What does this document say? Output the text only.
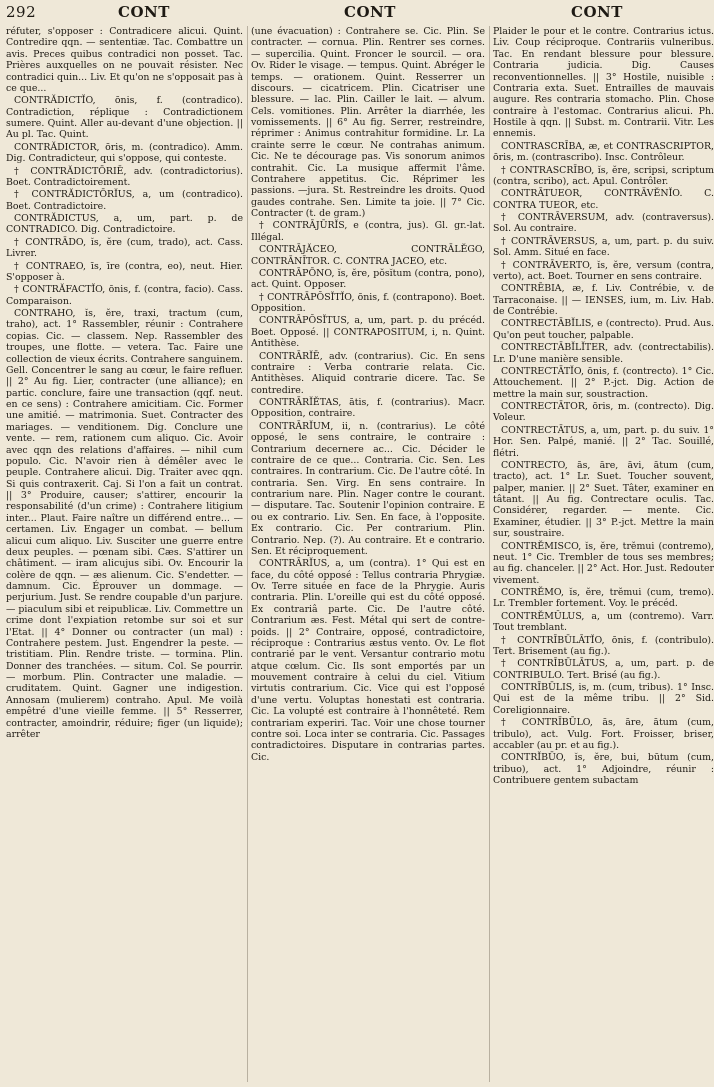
292	CONT	CONT	CONT

réfuter, s'opposer : Contradicere alicui. Quint. Contredire qqn. — sententiæ. Tac. Combattre un avis. Preces quibus contradici non posset. Tac. Prières auxquelles on ne pouvait résister. Nec contradici quin... Liv. Et qu'on ne s'opposait pas à ce que...

CONTRĂDICTĬO, ōnis, f. (contradico). Contradiction, réplique : Contradictionem sumere. Quint. Aller au-devant d'une objection. || Au pl. Tac. Quint.

CONTRĂDICTOR, ōris, m. (contradico). Amm. Dig. Contradicteur, qui s'oppose, qui conteste.

† CONTRĂDICTŌRIĒ, adv. (contradictorius). Boet. Contradictoirement.

† CONTRĂDICTŌRĬUS, a, um (contradico). Boet. Contradictoire.

CONTRĂDICTUS, a, um, part. p. de CONTRADICO. Dig. Contradictoire.

† CONTRĀDO, ĭs, ĕre (cum, trado), act. Cass. Livrer.

† CONTRAEO, īs, īre (contra, eo), neut. Hier. S'opposer à.

† CONTRĂFACTĬO, ōnis, f. (contra, facio). Cass. Comparaison.

CONTRAHO, ĭs, ĕre, traxi, tractum (cum, traho), act. 1° Rassembler, réunir : Contrahere copias. Cic. — classem. Nep. Rassembler des troupes, une flotte. — vetera. Tac. Faire une collection de vieux écrits. Contrahere sanguinem. Gell. Concentrer le sang au cœur, le faire refluer. || 2° Au fig. Lier, contracter (une alliance); en partic. conclure, faire une transaction (qqf. neut. en ce sens) : Contrahere amicitiam. Cic. Former une amitié. — matrimonia. Suet. Contracter des mariages. — venditionem. Dig. Conclure une vente. — rem, rationem cum aliquo. Cic. Avoir avec qqn des relations d'affaires. — nihil cum populo. Cic. N'avoir rien à démêler avec le peuple. Contrahere alicui. Dig. Traiter avec qqn. Si quis contraxerit. Caj. Si l'on a fait un contrat. || 3° Produire, causer; s'attirer, encourir la responsabilité (d'un crime) : Contrahere litigium inter... Plaut. Faire naître un différend entre... — certamen. Liv. Engager un combat. — bellum alicui cum aliquo. Liv. Susciter une guerre entre deux peuples. — pœnam sibi. Cæs. S'attirer un châtiment. — iram alicujus sibi. Ov. Encourir la colère de qqn. — æs alienum. Cic. S'endetter. — damnum. Cic. Éprouver un dommage. — perjurium. Just. Se rendre coupable d'un parjure. — piaculum sibi et reipublicæ. Liv. Commettre un crime dont l'expiation retombe sur soi et sur l'Etat. || 4° Donner ou contracter (un mal) : Contrahere pestem. Just. Engendrer la peste. — tristitiam. Plin. Rendre triste. — tormina. Plin. Donner des tranchées. — situm. Col. Se pourrir. — morbum. Plin. Contracter une maladie. — cruditatem. Quint. Gagner une indigestion. Annosam (mulierem) contraho. Apul. Me voilà empêtré d'une vieille femme. || 5° Resserrer, contracter, amoindrir, réduire; figer (un liquide); arrêter

(une évacuation) : Contrahere se. Cic. Plin. Se contracter. — cornua. Plin. Rentrer ses cornes. — supercilia. Quint. Froncer le sourcil. — ora. Ov. Rider le visage. — tempus. Quint. Abréger le temps. — orationem. Quint. Resserrer un discours. — cicatricem. Plin. Cicatriser une blessure. — lac. Plin. Cailler le lait. — alvum. Cels. vomitiones. Plin. Arrêter la diarrhée, les vomissements. || 6° Au fig. Serrer, restreindre, réprimer : Animus contrahitur formidine. Lr. La crainte serre le cœur. Ne contrahas animum. Cic. Ne te décourage pas. Vis sonorum animos contrahit. Cic. La musique affermit l'âme. Contrahere appetitus. Cic. Réprimer les passions. —jura. St. Restreindre les droits. Quod gaudes contrahe. Sen. Limite ta joie. || 7° Cic. Contracter (t. de gram.)

† CONTRĀJŪRĬS, e (contra, jus). Gl. gr.-lat. Illégal.

CONTRĀJĂCEO, CONTRĀLĔGO, CONTRĀNĪTOR. C. CONTRA JACEO, etc.

CONTRĀPŌNO, ĭs, ĕre, pŏsĭtum (contra, pono), act. Quint. Opposer.

† CONTRĀPŎSĬTĬO, ōnis, f. (contrapono). Boet. Opposition.

CONTRĀPŎSĬTUS, a, um, part. p. du précéd. Boet. Opposé. || CONTRAPOSITUM, i, n. Quint. Antithèse.

CONTRĀRĬĒ, adv. (contrarius). Cic. En sens contraire : Verba contrarie relata. Cic. Antithèses. Aliquid contrarie dicere. Tac. Se contredire.

CONTRĀRĬĔTAS, ātis, f. (contrarius). Macr. Opposition, contraire.

CONTRĀRĬUM, ii, n. (contrarius). Le côté opposé, le sens contraire, le contraire : Contrarium decernere ac... Cic. Décider le contraire de ce que... Contraria. Cic. Sen. Les contraires. In contrarium. Cic. De l'autre côté. In contraria. Sen. Virg. En sens contraire. In contrarium nare. Plin. Nager contre le courant. — disputare. Tac. Soutenir l'opinion contraire. E ou ex contrario. Liv. Sen. En face, à l'opposite. Ex contrario. Cic. Per contrarium. Plin. Contrario. Nep. (?). Au contraire. Et e contrario. Sen. Et réciproquement.

CONTRĀRĬUS, a, um (contra). 1° Qui est en face, du côté opposé : Tellus contraria Phrygiæ. Ov. Terre située en face de la Phrygie. Auris contraria. Plin. L'oreille qui est du côté opposé. Ex contrariâ parte. Cic. De l'autre côté. Contrarium æs. Fest. Métal qui sert de contre-poids. || 2° Contraire, opposé, contradictoire, réciproque : Contrarius æstus vento. Ov. Le flot contrarié par le vent. Versantur contrario motu atque cœlum. Cic. Ils sont emportés par un mouvement contraire à celui du ciel. Vitium virtutis contrarium. Cic. Vice qui est l'opposé d'une vertu. Voluptas honestati est contraria. Cic. La volupté est contraire à l'honnêteté. Rem contrariam experiri. Tac. Voir une chose tourner contre soi. Loca inter se contraria. Cic. Passages contradictoires. Disputare in contrarias partes. Cic.

Plaider le pour et le contre. Contrarius ictus. Liv. Coup réciproque. Contrariis vulneribus. Tac. En rendant blessure pour blessure. Contraria judicia. Dig. Causes reconventionnelles. || 3° Hostile, nuisible : Contraria exta. Suet. Entrailles de mauvais augure. Res contraria stomacho. Plin. Chose contraire à l'estomac. Contrarius alicui. Ph. Hostile à qqn. || Subst. m. Contrarii. Vitr. Les ennemis.

CONTRASCRĪBA, æ, et CONTRASCRIPTOR, ōris, m. (contrascribo). Insc. Contrôleur.

† CONTRASCRĪBO, ĭs, ĕre, scripsi, scriptum (contra, scribo), act. Apul. Contrôler.

CONTRĀTUEOR, CONTRĀVĔNĬO. C. CONTRA TUEOR, etc.

† CONTRĀVERSUM, adv. (contraversus). Sol. Au contraire.

† CONTRĀVERSUS, a, um, part. p. du suiv. Sol. Amm. Situé en face.

† CONTRĀVERTO, ĭs, ĕre, versum (contra, verto), act. Boet. Tourner en sens contraire.

CONTRĒBIA, æ, f. Liv. Contrébie, v. de Tarraconaise. || — IENSES, ium, m. Liv. Hab. de Contrébie.

CONTRECTĀBĬLIS, e (contrecto). Prud. Aus. Qu'on peut toucher, palpable.

CONTRECTĀBĬLĬTER, adv. (contrectabilis). Lr. D'une manière sensible.

CONTRECTĀTĬO, ōnis, f. (contrecto). 1° Cic. Attouchement. || 2° P.-jct. Dig. Action de mettre la main sur, soustraction.

CONTRECTĀTOR, ōris, m. (contrecto). Dig. Voleur.

CONTRECTĀTUS, a, um, part. p. du suiv. 1° Hor. Sen. Palpé, manié. || 2° Tac. Souillé, flétri.

CONTRECTO, ās, āre, āvi, ātum (cum, tracto), act. 1° Lr. Suet. Toucher souvent, palper, manier. || 2° Suet. Tâter, examiner en tâtant. || Au fig. Contrectare oculis. Tac. Considérer, regarder. — mente. Cic. Examiner, étudier. || 3° P.-jct. Mettre la main sur, soustraire.

CONTRĔMISCO, ĭs, ĕre, trĕmui (contremo), neut. 1° Cic. Trembler de tous ses membres; au fig. chanceler. || 2° Act. Hor. Just. Redouter vivement.

CONTRĔMO, ĭs, ĕre, trĕmui (cum, tremo). Lr. Trembler fortement. Voy. le précéd.

CONTRĔMŬLUS, a, um (contremo). Varr. Tout tremblant.

† CONTRĪBŪLĀTĬO, ōnis, f. (contribulo). Tert. Brisement (au fig.).

† CONTRĪBŪLĀTUS, a, um, part. p. de CONTRIBULO. Tert. Brisé (au fig.).

CONTRĪBŪLIS, is, m. (cum, tribus). 1° Insc. Qui est de la même tribu. || 2° Sid. Coreligionnaire.

† CONTRĪBŪLO, ās, āre, ātum (cum, tribulo), act. Vulg. Fort. Froisser, briser, accabler (au pr. et au fig.).

CONTRĬBŪO, ĭs, ĕre, bui, būtum (cum, tribuo), act. 1° Adjoindre, réunir : Contribuere gentem subactam
